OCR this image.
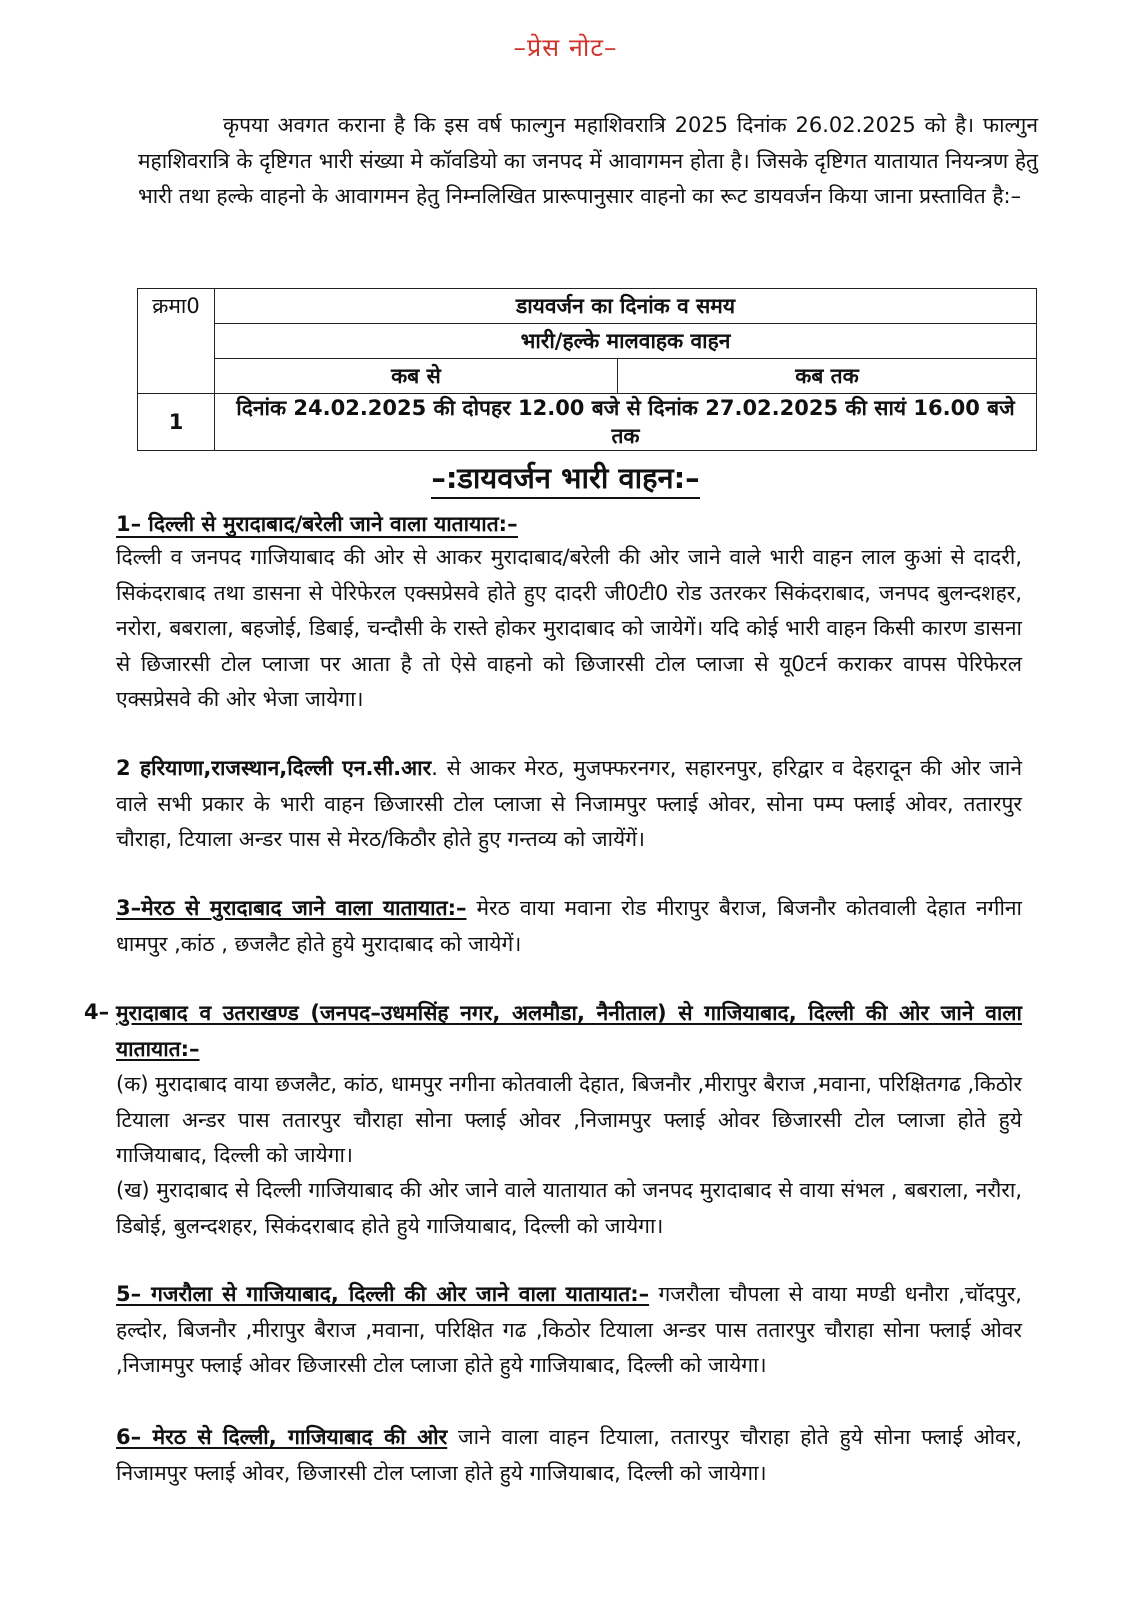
–प्रेस नोट–
कृपया अवगत कराना है कि इस वर्ष फाल्गुन महाशिवरात्रि 2025 दिनांक 26.02.2025 को है। फाल्गुन महाशिवरात्रि के दृष्टिगत भारी संख्या मे कॉवडियो का जनपद में आवागमन होता है। जिसके दृष्टिगत यातायात नियन्त्रण हेतु भारी तथा हल्के वाहनो के आवागमन हेतु निम्नलिखित प्रारूपानुसार वाहनो का रूट डायवर्जन किया जाना प्रस्तावित है:–
क्रमा0	डायवर्जन का दिनांक व समय	
	भारी/हल्के मालवाहक वाहन	
	कब से	कब तक
1	दिनांक 24.02.2025 की दोपहर 12.00 बजे से दिनांक 27.02.2025 की सायं 16.00 बजे तक	
–:डायवर्जन भारी वाहन:–
1– दिल्ली से मुरादाबाद/बरेली जाने वाला यातायात:–
दिल्ली व जनपद गाजियाबाद की ओर से आकर मुरादाबाद/बरेली की ओर जाने वाले भारी वाहन लाल कुआं से दादरी, सिकंदराबाद तथा डासना से पेरिफेरल एक्सप्रेसवे होते हुए दादरी जी0टी0 रोड उतरकर सिकंदराबाद, जनपद बुलन्दशहर, नरोरा, बबराला, बहजोई, डिबाई, चन्दौसी के रास्ते होकर मुरादाबाद को जायेगें। यदि कोई भारी वाहन किसी कारण डासना से छिजारसी टोल प्लाजा पर आता है तो ऐसे वाहनो को छिजारसी टोल प्लाजा से यू0टर्न कराकर वापस पेरिफेरल एक्सप्रेसवे की ओर भेजा जायेगा।
2 हरियाणा,राजस्थान,दिल्ली एन.सी.आर. से आकर मेरठ, मुजफ्फरनगर, सहारनपुर, हरिद्वार व देहरादून की ओर जाने वाले सभी प्रकार के भारी वाहन छिजारसी टोल प्लाजा से निजामपुर फ्लाई ओवर, सोना पम्प फ्लाई ओवर, ततारपुर चौराहा, टियाला अन्डर पास से मेरठ/किठौर होते हुए गन्तव्य को जायेंगें।
3–मेरठ से मुरादाबाद जाने वाला यातायात:– मेरठ वाया मवाना रोड मीरापुर बैराज, बिजनौर कोतवाली देहात नगीना धामपुर ,कांठ , छजलैट होते हुये मुरादाबाद को जायेगें।
4– मुरादाबाद व उतराखण्ड (जनपद–उधमसिंह नगर, अलमौडा, नैनीताल) से गाजियाबाद, दिल्ली की ओर जाने वाला यातायात:–
(क) मुरादाबाद वाया छजलैट, कांठ, धामपुर नगीना कोतवाली देहात, बिजनौर ,मीरापुर बैराज ,मवाना, परिक्षितगढ ,किठोर टियाला अन्डर पास ततारपुर चौराहा सोना फ्लाई ओवर ,निजामपुर फ्लाई ओवर छिजारसी टोल प्लाजा होते हुये गाजियाबाद, दिल्ली को जायेगा।
(ख) मुरादाबाद से दिल्ली गाजियाबाद की ओर जाने वाले यातायात को जनपद मुरादाबाद से वाया संभल , बबराला, नरौरा, डिबोई, बुलन्दशहर, सिकंदराबाद होते हुये गाजियाबाद, दिल्ली को जायेगा।
5– गजरौला से गाजियाबाद, दिल्ली की ओर जाने वाला यातायात:– गजरौला चौपला से वाया मण्डी धनौरा ,चॉदपुर, हल्दोर, बिजनौर ,मीरापुर बैराज ,मवाना, परिक्षित गढ ,किठोर टियाला अन्डर पास ततारपुर चौराहा सोना फ्लाई ओवर ,निजामपुर फ्लाई ओवर छिजारसी टोल प्लाजा होते हुये गाजियाबाद, दिल्ली को जायेगा।
6– मेरठ से दिल्ली, गाजियाबाद की ओर जाने वाला वाहन टियाला, ततारपुर चौराहा होते हुये सोना फ्लाई ओवर, निजामपुर फ्लाई ओवर, छिजारसी टोल प्लाजा होते हुये गाजियाबाद, दिल्ली को जायेगा।
